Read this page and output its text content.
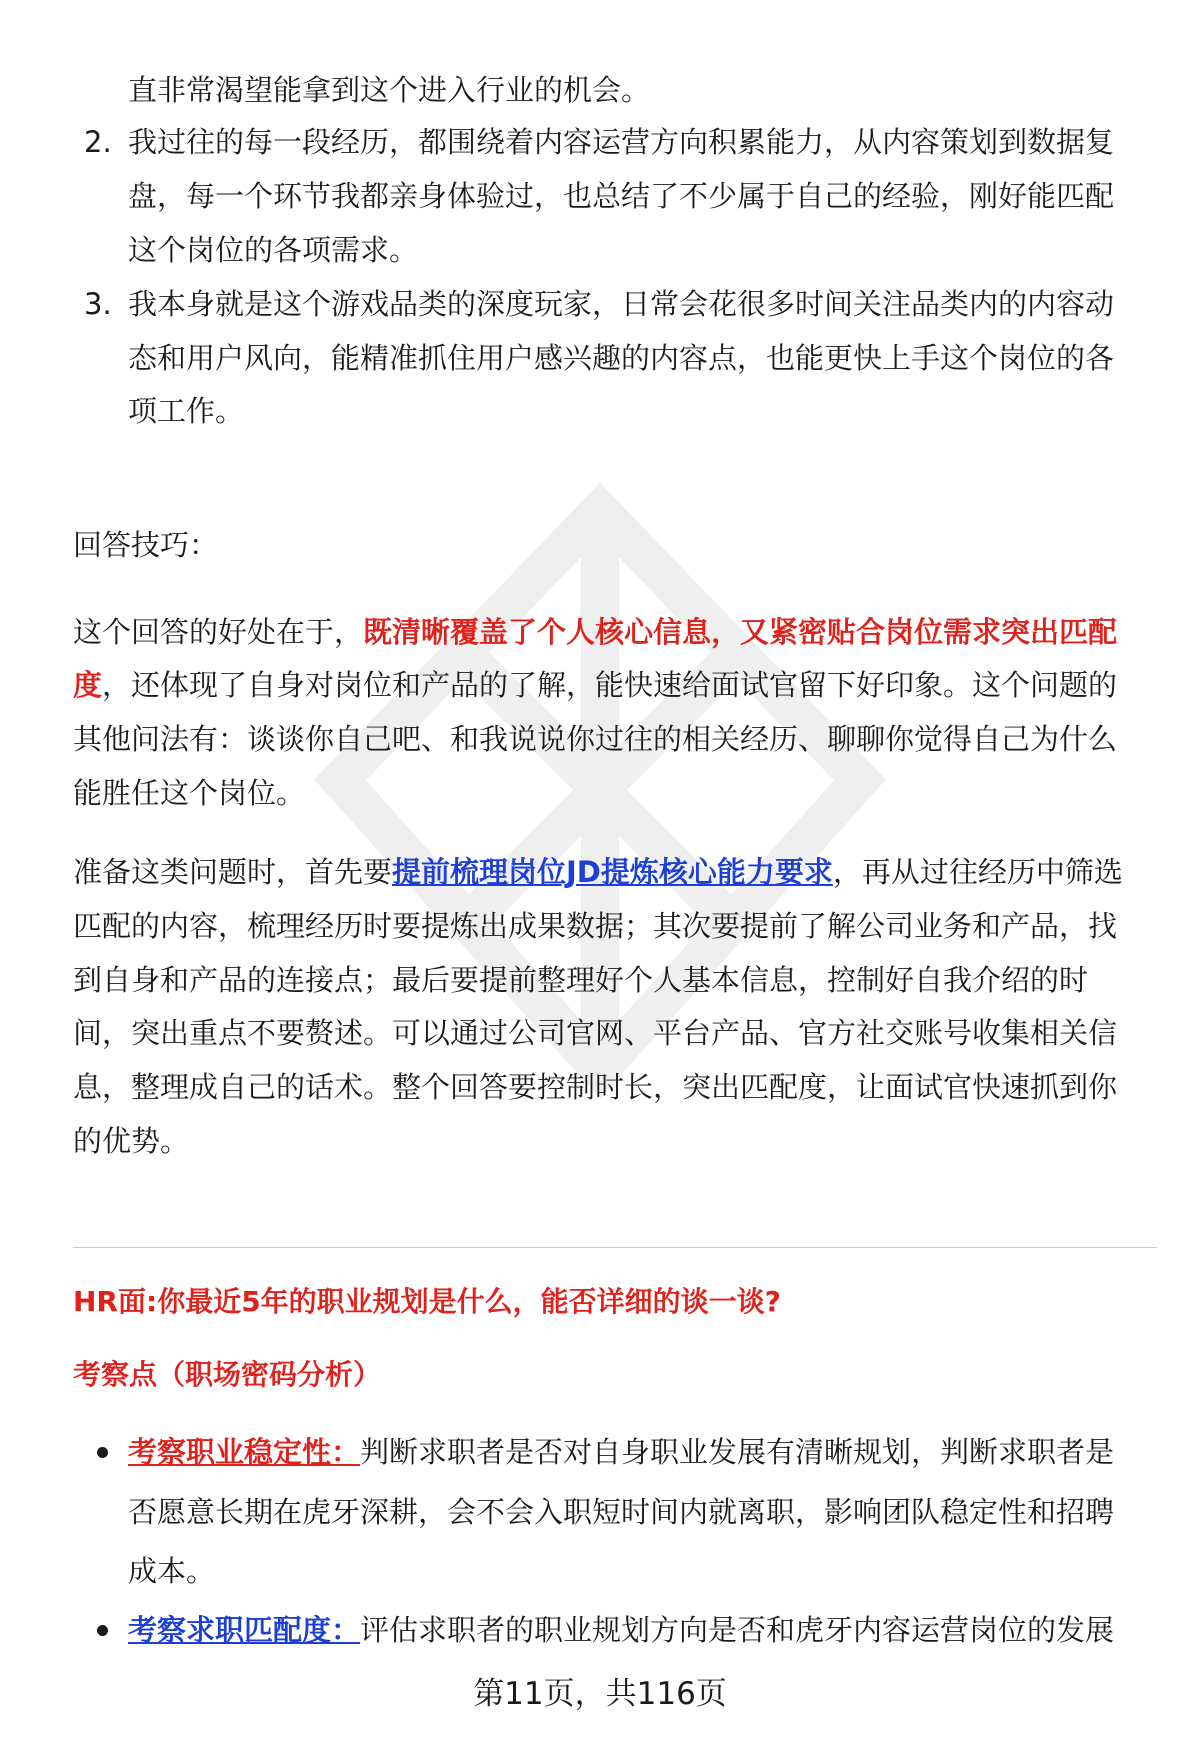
直非常渴望能拿到这个进入行业的机会。
2. 我过往的每一段经历，都围绕着内容运营方向积累能力，从内容策划到数据复
盘，每一个环节我都亲身体验过，也总结了不少属于自己的经验，刚好能匹配
这个岗位的各项需求。
3. 我本身就是这个游戏品类的深度玩家，日常会花很多时间关注品类内的内容动
态和用户风向，能精准抓住用户感兴趣的内容点，也能更快上手这个岗位的各
项工作。
回答技巧：
这个回答的好处在于，既清晰覆盖了个人核心信息，又紧密贴合岗位需求突出匹配
度，还体现了自身对岗位和产品的了解，能快速给面试官留下好印象。这个问题的
其他问法有：谈谈你自己吧、和我说说你过往的相关经历、聊聊你觉得自己为什么
能胜任这个岗位。
准备这类问题时，首先要提前梳理岗位JD提炼核心能力要求，再从过往经历中筛选
匹配的内容，梳理经历时要提炼出成果数据；其次要提前了解公司业务和产品，找
到自身和产品的连接点；最后要提前整理好个人基本信息，控制好自我介绍的时
间，突出重点不要赘述。可以通过公司官网、平台产品、官方社交账号收集相关信
息，整理成自己的话术。整个回答要控制时长，突出匹配度，让面试官快速抓到你
的优势。
HR面:你最近5年的职业规划是什么，能否详细的谈一谈?
考察点（职场密码分析）
考察职业稳定性：判断求职者是否对自身职业发展有清晰规划，判断求职者是
否愿意长期在虎牙深耕，会不会入职短时间内就离职，影响团队稳定性和招聘
成本。
考察求职匹配度：评估求职者的职业规划方向是否和虎牙内容运营岗位的发展
第11页，共116页
